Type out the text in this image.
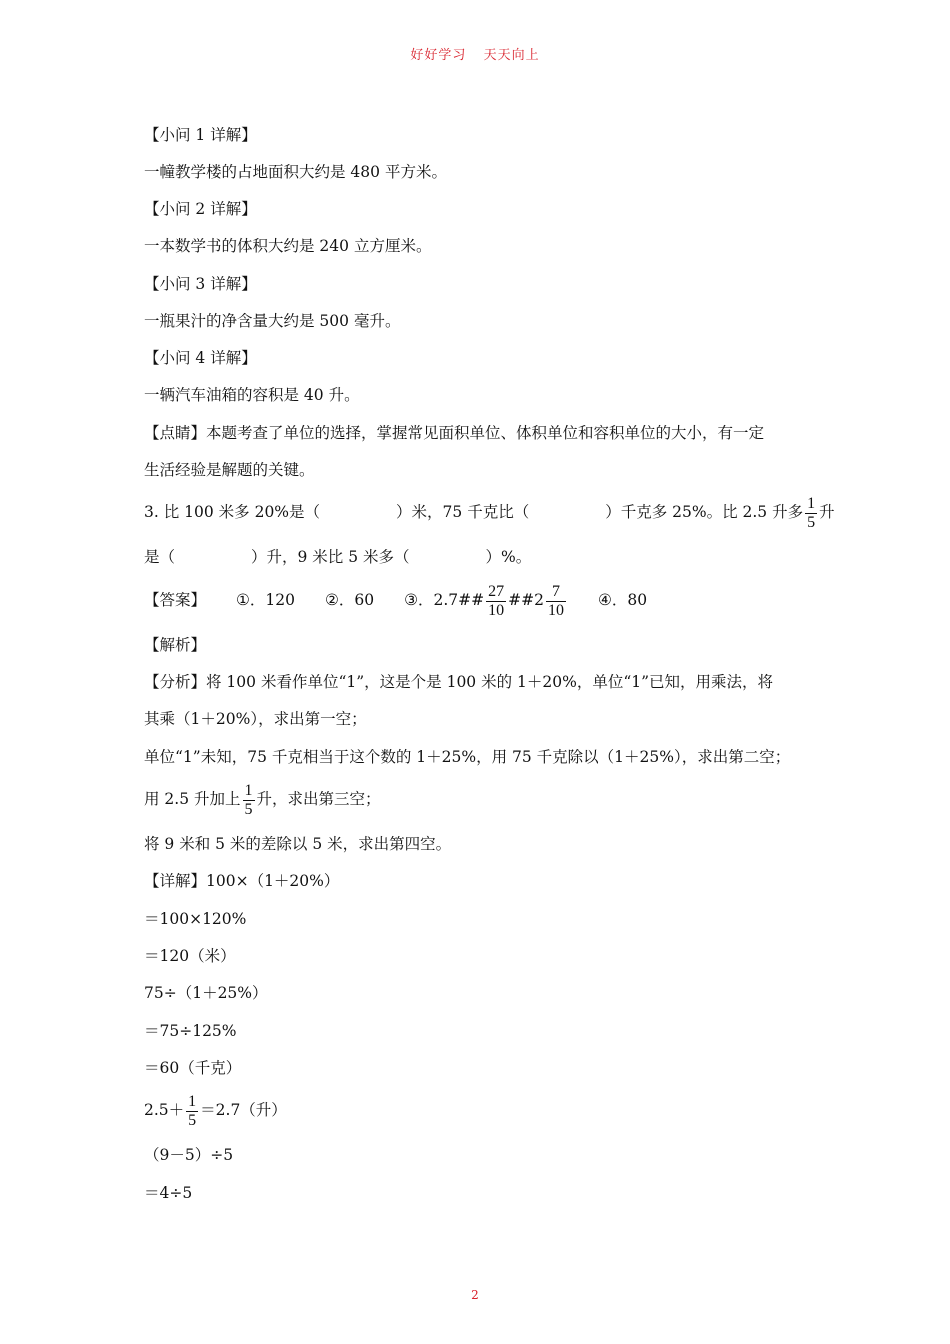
好好学习 天天向上
【小问 1 详解】
一幢教学楼的占地面积大约是 480 平方米。
【小问 2 详解】
一本数学书的体积大约是 240 立方厘米。
【小问 3 详解】
一瓶果汁的净含量大约是 500 毫升。
【小问 4 详解】
一辆汽车油箱的容积是 40 升。
【点睛】本题考查了单位的选择，掌握常见面积单位、体积单位和容积单位的大小，有一定
生活经验是解题的关键。
3. 比 100 米多 20%是（	）米，75 千克比（	）千克多 25%。比 2.5 升多 $\frac{1}{5}$ 升
是（	）升，9 米比 5 米多（	）%。
【答案】 ①．120 ②．60 ③．2.7## $\frac{27}{10}$ ##2 $\frac{7}{10}$ ④．80
【解析】
【分析】将 100 米看作单位“1”，这是个是 100 米的 1＋20%，单位“1”已知，用乘法，将
其乘（1＋20%），求出第一空；
单位“1”未知，75 千克相当于这个数的 1＋25%，用 75 千克除以（1＋25%），求出第二空；
用 2.5 升加上 $\frac{1}{5}$ 升，求出第三空；
将 9 米和 5 米的差除以 5 米，求出第四空。
【详解】100×（1＋20%）
＝100×120%
＝120（米）
75÷（1＋25%）
＝75÷125%
＝60（千克）
$2.5+ \frac{1}{5} =2.7$（升）
（9－5）÷5
＝4÷5
2
